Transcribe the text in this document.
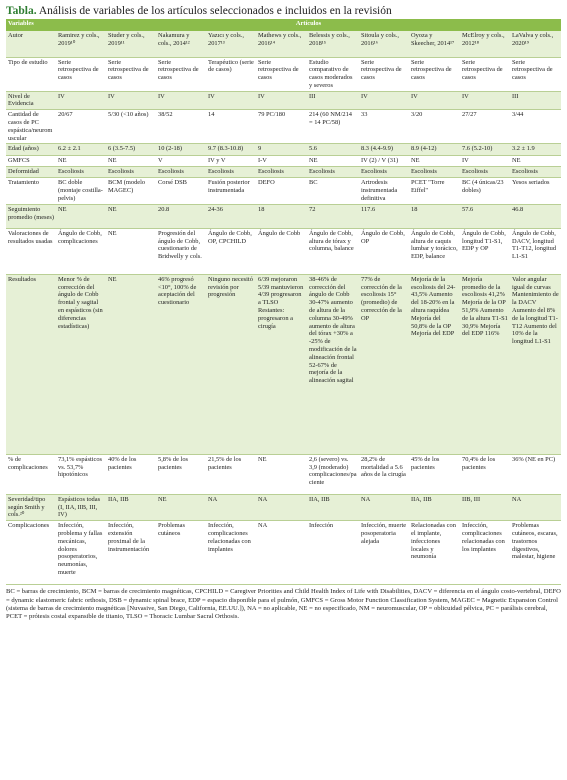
Tabla. Análisis de variables de los artículos seleccionados e incluidos en la revisión
Variables	Artículos									
Autor	Ramirez y cols., 2019¹⁰	Studer y cols., 2019¹¹	Nakamura y cols., 2014¹²	Yazıcı y cols., 2017¹³	Mathews y cols., 2016¹⁴	Belessis y cols., 2018¹⁵	Sitoula y cols., 2016¹⁶	Oyoza y Skeecher, 2014¹⁷	McElroy y cols., 2012¹⁸	LaValva y cols., 2020¹⁹
Tipo de estudio	Serie retrospectiva de casos	Serie retrospectiva de casos	Serie retrospectiva de casos	Terapéutico (serie de casos)	Serie retrospectiva de casos	Estudio comparativo de casos moderados y severos	Serie retrospectiva de casos	Serie retrospectiva de casos	Serie retrospectiva de casos	Serie retrospectiva de casos
Nivel de Evidencia	IV	IV	IV	IV	IV	III	IV	IV	IV	III
Cantidad de casos de PC espástica/neuromuscular	20/67	5/30 (<10 años)	38/52	14	79 PC/180	214 (60 NM/214 = 14 PC/58)	33	3/20	27/27	3/44
Edad (años)	6.2 ± 2.1	6 (3.5-7.5)	10 (2-18)	9.7 (8.3-10.8)	9	5.6	8.3 (4.4-9.9)	8.9 (4-12)	7.6 (5.2-10)	3.2 ± 1.9
GMFCS	NE	NE	V	IV y V	I-V	NE	IV (2) / V (31)	NE	IV	NE
Deformidad	Escoliosis	Escoliosis	Escoliosis	Escoliosis	Escoliosis	Escoliosis	Escoliosis	Escoliosis	Escoliosis	Escoliosis
Tratamiento	BC doble (montaje costilla-pelvis)	BCM (modelo MAGEC)	Corsé DSB	Fusión posterior instrumentada	DEFO	BC	Artrodesis instrumentada definitiva	PCET "Torre Eiffel"	BC (4 únicas/23 dobles)	Yesos seriados
Seguimiento promedio (meses)	NE	NE	20.8	24-36	18	72	117.6	18	57.6	46.8
Valoraciones de resultados usadas	Ángulo de Cobb, complicaciones	NE	Progresión del ángulo de Cobb, cuestionario de Bridwelly y cols.	Ángulo de Cobb, OP, CPCHILD	Ángulo de Cobb	Ángulo de Cobb, altura de tórax y columna, balance	Ángulo de Cobb, OP	Ángulo de Cobb, altura de caquis lumbar y torácico, EDP, balance	Ángulo de Cobb, longitud T1-S1, EDP y OP	Ángulo de Cobb, DACV, longitud T1-T12, longitud L1-S1
Resultados	Menor % de corrección del ángulo de Cobb frontal y sagital en espásticos (sin diferencias estadísticas)	NE	46% progresó <10°, 100% de aceptación del cuestionario	Ninguno necesitó revisión por progresión	6/39 mejoraron 5/39 mantuvieron 4/39 progresaron a TLSO Restantes: progresaron a cirugía	38-46% de corrección del ángulo de Cobb 30-47% aumento de altura de la columna 30-49% aumento de altura del tórax +30% a -25% de modificación de la alineación frontal 52-67% de mejoría de la alineación sagital	77% de corrección de la escoliosis 15° (promedio) de corrección de la OP	Mejoría de la escoliosis del 24-43,5% Aumento del 18-20% en la altura raquídea Mejoría del 50,8% de la OP Mejoría del EDP	Mejoría promedio de la escoliosis 41,2% Mejoría de la OP 51,9% Aumento de la altura T1-S1 30,9% Mejoría del EDP 116%	Valor angular igual de curvas Mantenimiento de la DACV Aumento del 8% de la longitud T1-T12 Aumento del 10% de la longitud L1-S1
% de complicaciones	73,1% espásticos vs. 53,7% hipotónicos	40% de los pacientes	5,8% de los pacientes	21,5% de los pacientes	NE	2,6 (severo) vs. 3,9 (moderado) complicaciones/paciente	28,2% de mortalidad a 5.6 años de la cirugía	45% de los pacientes	70,4% de los pacientes	36% (NE en PC)
Severidad/tipo según Smith y cols.²⁰	Espásticos todas (I, IIA, IIB, III, IV)	IIA, IIB	NE	NA	NA	IIA, IIB	NA	IIA, IIB	IIB, III	NA
Complicaciones	Infección, problema y fallas mecánicas, dolores posoperatorios, neumonías, muerte	Infección, extensión proximal de la instrumentación	Problemas cutáneos	Infección, complicaciones relacionadas con implantes	NA	Infección	Infección, muerte posoperatoria alejada	Relacionadas con el implante, infecciones locales y neumonía	Infección, complicaciones relacionadas con los implantes	Problemas cutáneos, escaras, trastornos digestivos, malestar, higiene
BC = barras de crecimiento, BCM = barras de crecimiento magnéticas, CPCHILD = Caregiver Priorities and Child Health Index of Life with Disabilities, DACV = diferencia en el ángulo costo-vertebral, DEFO = dynamic elastomeric fabric orthosis, DSB = dynamic spinal brace, EDP = espacio disponible para el pulmón, GMFCS = Gross Motor Function Classification System, MAGEC = Magnetic Expansion Control (sistema de barras de crecimiento magnéticas [Nuvasive, San Diego, California, EE.UU.]), NA = no aplicable, NE = no especificado, NM = neuromuscular, OP = oblicuidad pélvica, PC = parálisis cerebral, PCET = prótesis costal expansible de titanio, TLSO = Thoracic Lumbar Sacral Orthosis.
